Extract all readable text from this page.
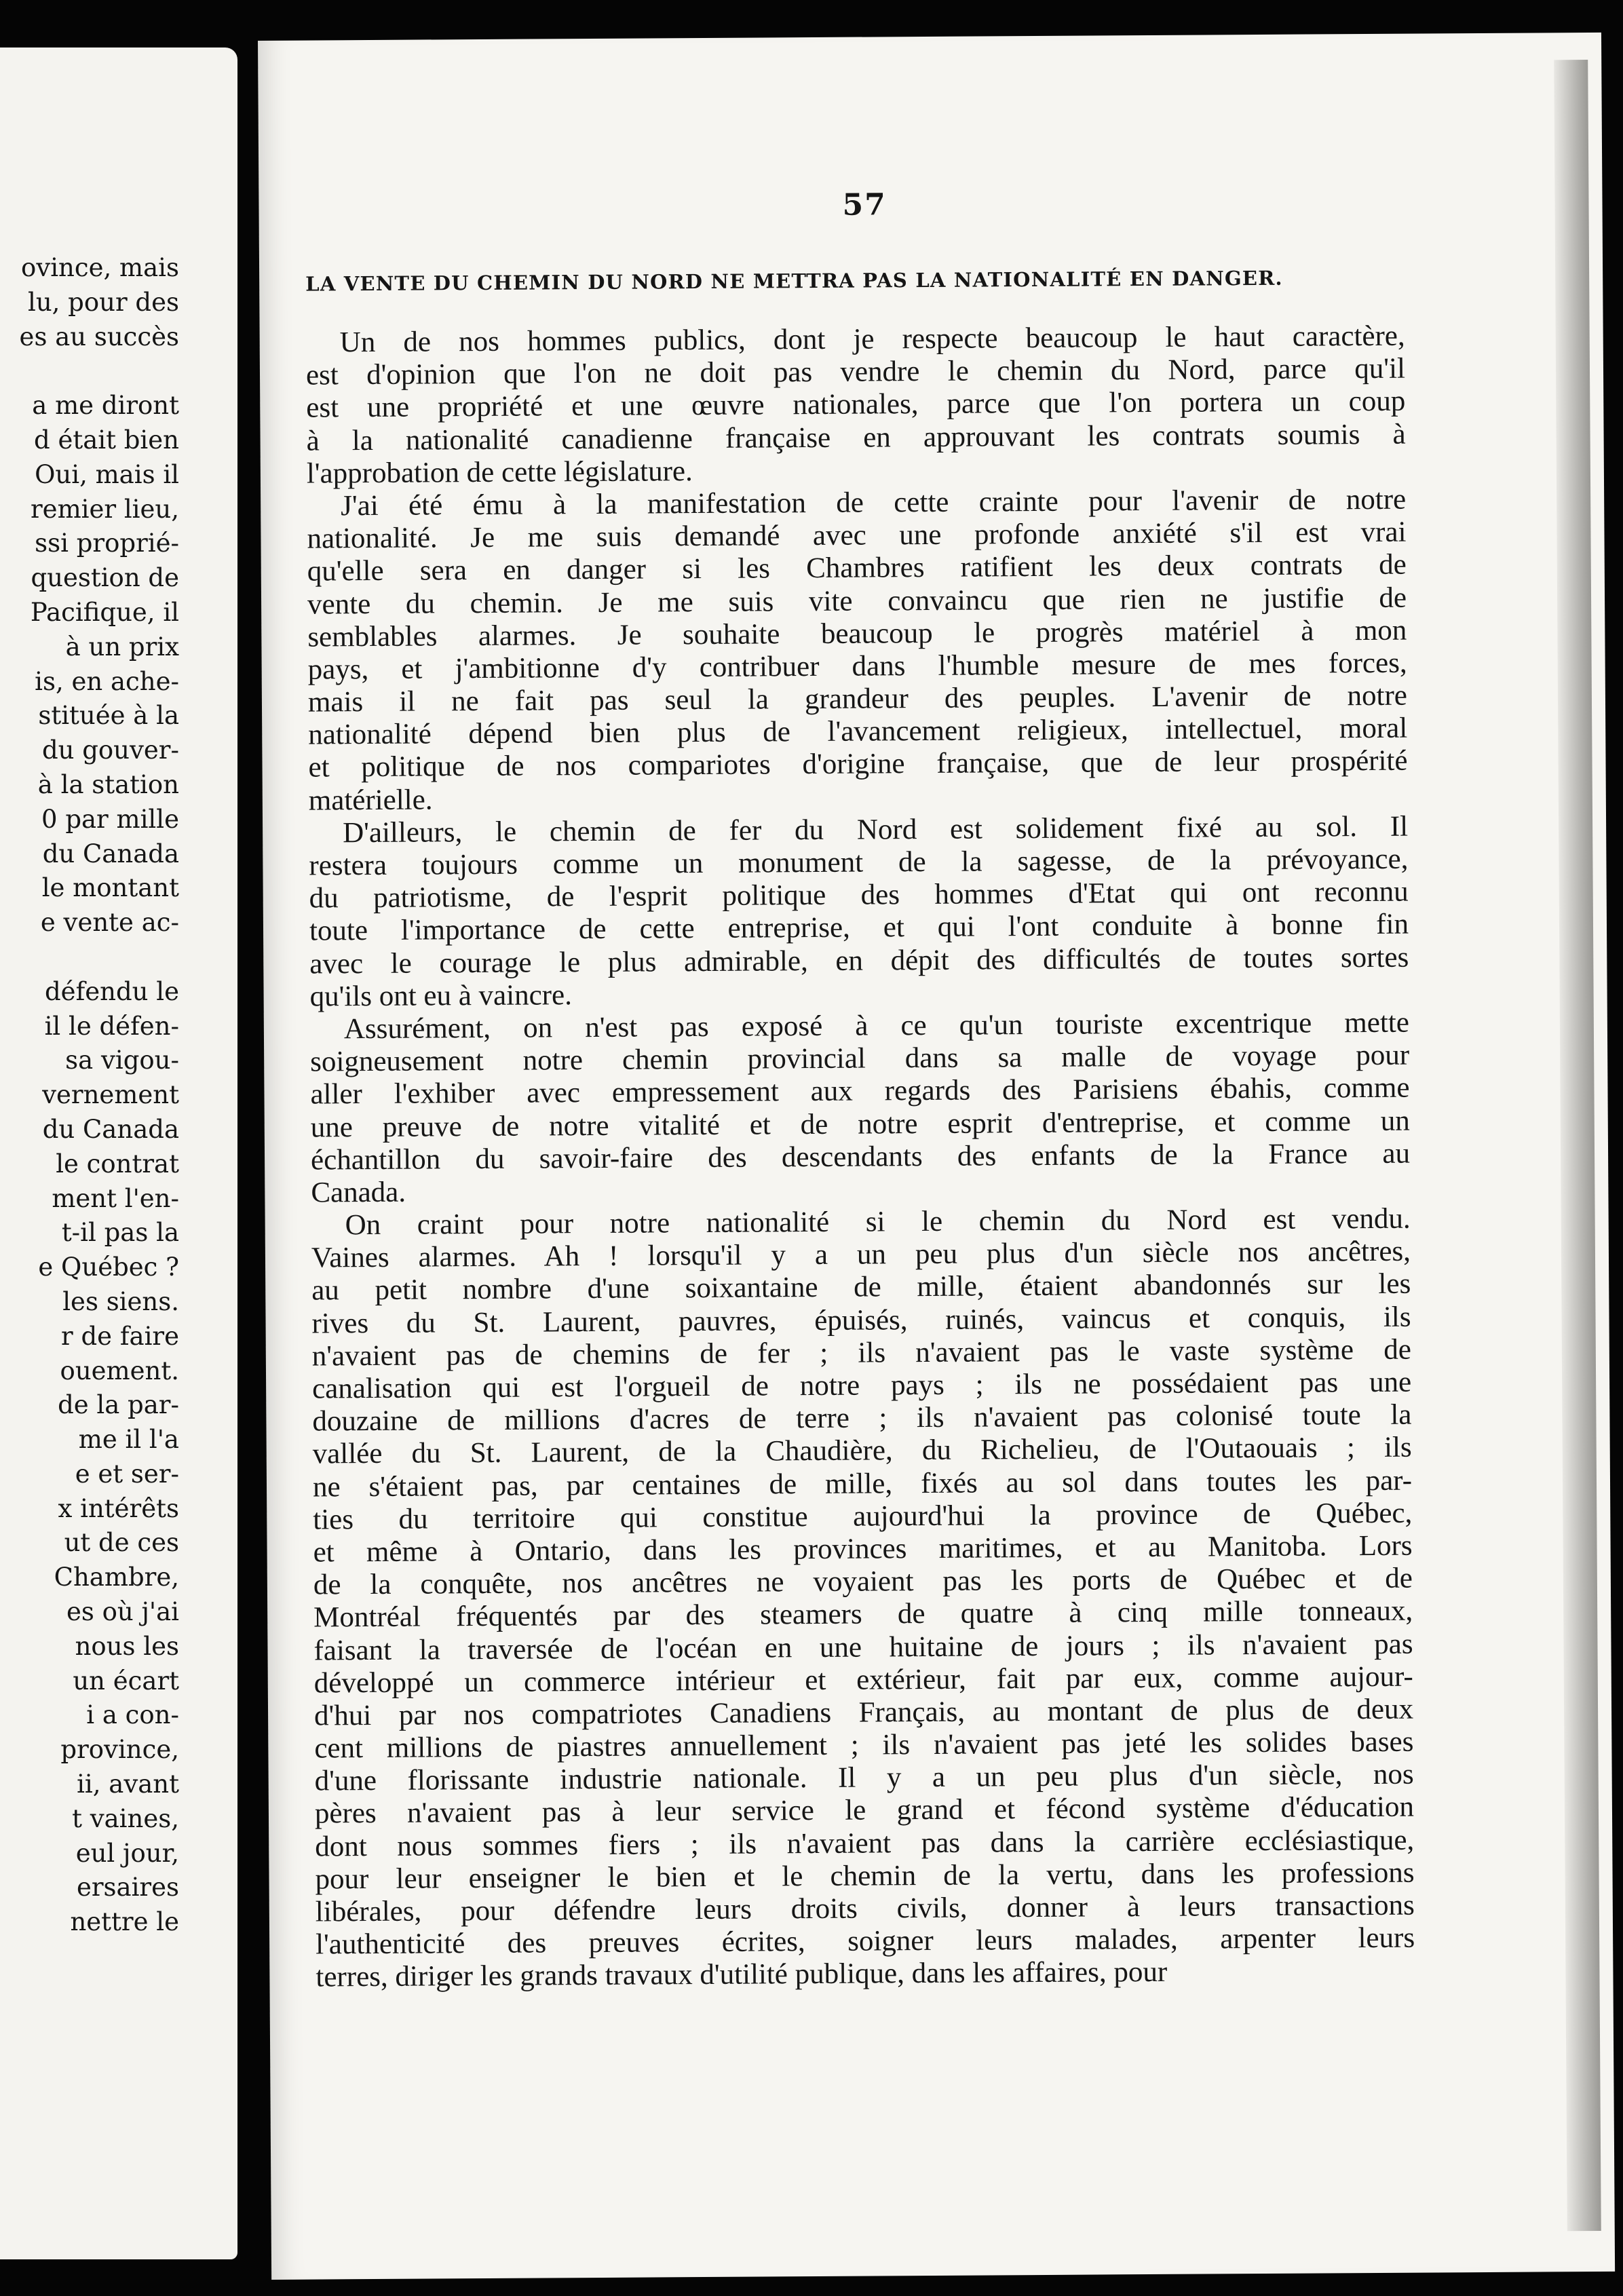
ovince, mais
lu, pour des
es au succès

a me diront
d était bien
Oui, mais il
remier lieu,
ssi proprié-
question de
Pacifique, il
à un prix
is, en ache-
stituée à la
du gouver-
à la station
0 par mille
du Canada
le montant
e vente ac-

défendu le
il le défen-
sa vigou-
vernement
du Canada
le contrat
ment l'en-
t-il pas la
e Québec ?
les siens.
r de faire
ouement.
de la par-
me il l'a
e et ser-
x intérêts
ut de ces
Chambre,
es où j'ai
nous les
un écart
i a con-
province,
ii, avant
t vaines,
eul jour,
ersaires
nettre le
57
LA VENTE DU CHEMIN DU NORD NE METTRA PAS LA NATIONALITÉ EN DANGER.

Un de nos hommes publics, dont je respecte beaucoup le haut caractère,
est d'opinion que l'on ne doit pas vendre le chemin du Nord, parce qu'il
est une propriété et une œuvre nationales, parce que l'on portera un coup
à la nationalité canadienne française en approuvant les contrats soumis à
l'approbation de cette législature.

J'ai été ému à la manifestation de cette crainte pour l'avenir de notre
nationalité. Je me suis demandé avec une profonde anxiété s'il est vrai
qu'elle sera en danger si les Chambres ratifient les deux contrats de
vente du chemin. Je me suis vite convaincu que rien ne justifie de
semblables alarmes. Je souhaite beaucoup le progrès matériel à mon
pays, et j'ambitionne d'y contribuer dans l'humble mesure de mes forces,
mais il ne fait pas seul la grandeur des peuples. L'avenir de notre
nationalité dépend bien plus de l'avancement religieux, intellectuel, moral
et politique de nos compariotes d'origine française, que de leur prospérité
matérielle.

D'ailleurs, le chemin de fer du Nord est solidement fixé au sol. Il
restera toujours comme un monument de la sagesse, de la prévoyance,
du patriotisme, de l'esprit politique des hommes d'Etat qui ont reconnu
toute l'importance de cette entreprise, et qui l'ont conduite à bonne fin
avec le courage le plus admirable, en dépit des difficultés de toutes sortes
qu'ils ont eu à vaincre.

Assurément, on n'est pas exposé à ce qu'un touriste excentrique mette
soigneusement notre chemin provincial dans sa malle de voyage pour
aller l'exhiber avec empressement aux regards des Parisiens ébahis, comme
une preuve de notre vitalité et de notre esprit d'entreprise, et comme un
échantillon du savoir-faire des descendants des enfants de la France au
Canada.

On craint pour notre nationalité si le chemin du Nord est vendu.
Vaines alarmes. Ah ! lorsqu'il y a un peu plus d'un siècle nos ancêtres,
au petit nombre d'une soixantaine de mille, étaient abandonnés sur les
rives du St. Laurent, pauvres, épuisés, ruinés, vaincus et conquis, ils
n'avaient pas de chemins de fer ; ils n'avaient pas le vaste système de
canalisation qui est l'orgueil de notre pays ; ils ne possédaient pas une
douzaine de millions d'acres de terre ; ils n'avaient pas colonisé toute la
vallée du St. Laurent, de la Chaudière, du Richelieu, de l'Outaouais ; ils
ne s'étaient pas, par centaines de mille, fixés au sol dans toutes les par-
ties du territoire qui constitue aujourd'hui la province de Québec,
et même à Ontario, dans les provinces maritimes, et au Manitoba. Lors
de la conquête, nos ancêtres ne voyaient pas les ports de Québec et de
Montréal fréquentés par des steamers de quatre à cinq mille tonneaux,
faisant la traversée de l'océan en une huitaine de jours ; ils n'avaient pas
développé un commerce intérieur et extérieur, fait par eux, comme aujour-
d'hui par nos compatriotes Canadiens Français, au montant de plus de deux
cent millions de piastres annuellement ; ils n'avaient pas jeté les solides bases
d'une florissante industrie nationale. Il y a un peu plus d'un siècle, nos
pères n'avaient pas à leur service le grand et fécond système d'éducation
dont nous sommes fiers ; ils n'avaient pas dans la carrière ecclésiastique,
pour leur enseigner le bien et le chemin de la vertu, dans les professions
libérales, pour défendre leurs droits civils, donner à leurs transactions
l'authenticité des preuves écrites, soigner leurs malades, arpenter leurs
terres, diriger les grands travaux d'utilité publique, dans les affaires, pour
